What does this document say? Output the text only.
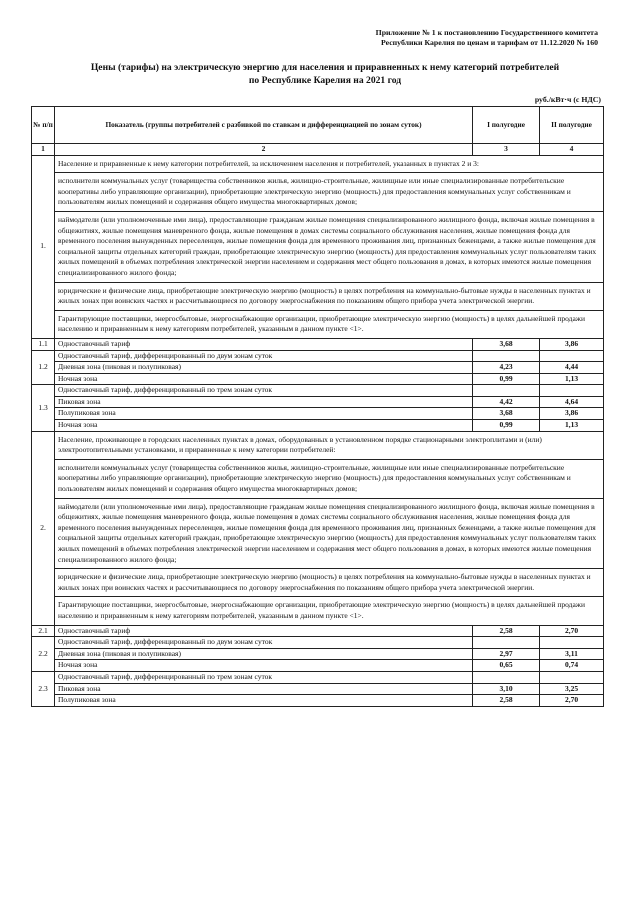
Приложение № 1 к постановлению Государственного комитета
Республики Карелия по ценам и тарифам от 11.12.2020 № 160
Цены (тарифы) на электрическую энергию для населения и приравненных к нему категорий потребителей
по Республике Карелия на 2021 год
руб./кВт·ч (с НДС)
№ п/п	Показатель (группы потребителей с разбивкой по ставкам и дифференциацией по зонам суток)	I полугодие	II полугодие
1	2	3	4
1.	Население и приравненные к нему категории потребителей, за исключением населения и потребителей, указанных в пунктах 2 и 3:		
	исполнители коммунальных услуг (товарищества собственников жилья, жилищно-строительные, жилищные или иные специализированные потребительские кооперативы либо управляющие организации), приобретающие электрическую энергию (мощность) для предоставления коммунальных услуг собственникам и пользователям жилых помещений и содержания общего имущества многоквартирных домов;		
	наймодатели (или уполномоченные ими лица), предоставляющие гражданам жилые помещения специализированного жилищного фонда, включая жилые помещения в общежитиях, жилые помещения маневренного фонда, жилые помещения в домах системы социального обслуживания населения, жилые помещения фонда для временного поселения вынужденных переселенцев, жилые помещения фонда для временного проживания лиц, признанных беженцами, а также жилые помещения для социальной защиты отдельных категорий граждан, приобретающие электрическую энергию (мощность) для предоставления коммунальных услуг пользователям таких жилых помещений в объемах потребления электрической энергии населением и содержания мест общего пользования в домах, в которых имеются жилые помещения специализированного жилого фонда;		
	юридические и физические лица, приобретающие электрическую энергию (мощность) в целях потребления на коммунально-бытовые нужды в населенных пунктах и жилых зонах при воинских частях и рассчитывающиеся по договору энергоснабжения по показаниям общего прибора учета электрической энергии.		
	Гарантирующие поставщики, энергосбытовые, энергоснабжающие организации, приобретающие электрическую энергию (мощность) в целях дальнейшей продажи населению и приравненным к нему категориям потребителей, указанным в данном пункте <1>.		
1.1	Одноставочный тариф	3,68	3,86
1.2	Одноставочный тариф, дифференцированный по двум зонам суток		
	Дневная зона (пиковая и полупиковая)	4,23	4,44
	Ночная зона	0,99	1,13
1.3	Одноставочный тариф, дифференцированный по трем зонам суток		
	Пиковая зона	4,42	4,64
	Полупиковая зона	3,68	3,86
	Ночная зона	0,99	1,13
2.	Население, проживающее в городских населенных пунктах в домах, оборудованных в установленном порядке стационарными электроплитами и (или) электроотопительными установками, и приравненные к нему категории потребителей:		
	исполнители коммунальных услуг (товарищества собственников жилья, жилищно-строительные, жилищные или иные специализированные потребительские кооперативы либо управляющие организации), приобретающие электрическую энергию (мощность) для предоставления коммунальных услуг собственникам и пользователям жилых помещений и содержания общего имущества многоквартирных домов;		
	наймодатели (или уполномоченные ими лица), предоставляющие гражданам жилые помещения специализированного жилищного фонда, включая жилые помещения в общежитиях, жилые помещения маневренного фонда, жилые помещения в домах системы социального обслуживания населения, жилые помещения фонда для временного поселения вынужденных переселенцев, жилые помещения фонда для временного проживания лиц, признанных беженцами, а также жилые помещения для социальной защиты отдельных категорий граждан, приобретающие электрическую энергию (мощность) для предоставления коммунальных услуг пользователям таких жилых помещений в объемах потребления электрической энергии населением и содержания мест общего пользования в домах, в которых имеются жилые помещения специализированного жилого фонда;		
	юридические и физические лица, приобретающие электрическую энергию (мощность) в целях потребления на коммунально-бытовые нужды в населенных пунктах и жилых зонах при воинских частях и рассчитывающиеся по договору энергоснабжения по показаниям общего прибора учета электрической энергии.		
	Гарантирующие поставщики, энергосбытовые, энергоснабжающие организации, приобретающие электрическую энергию (мощность) в целях дальнейшей продажи населению и приравненным к нему категориям потребителей, указанным в данном пункте <1>.		
2.1	Одноставочный тариф	2,58	2,70
2.2	Одноставочный тариф, дифференцированный по двум зонам суток		
	Дневная зона (пиковая и полупиковая)	2,97	3,11
	Ночная зона	0,65	0,74
2.3	Одноставочный тариф, дифференцированный по трем зонам суток		
	Пиковая зона	3,10	3,25
	Полупиковая зона	2,58	2,70
